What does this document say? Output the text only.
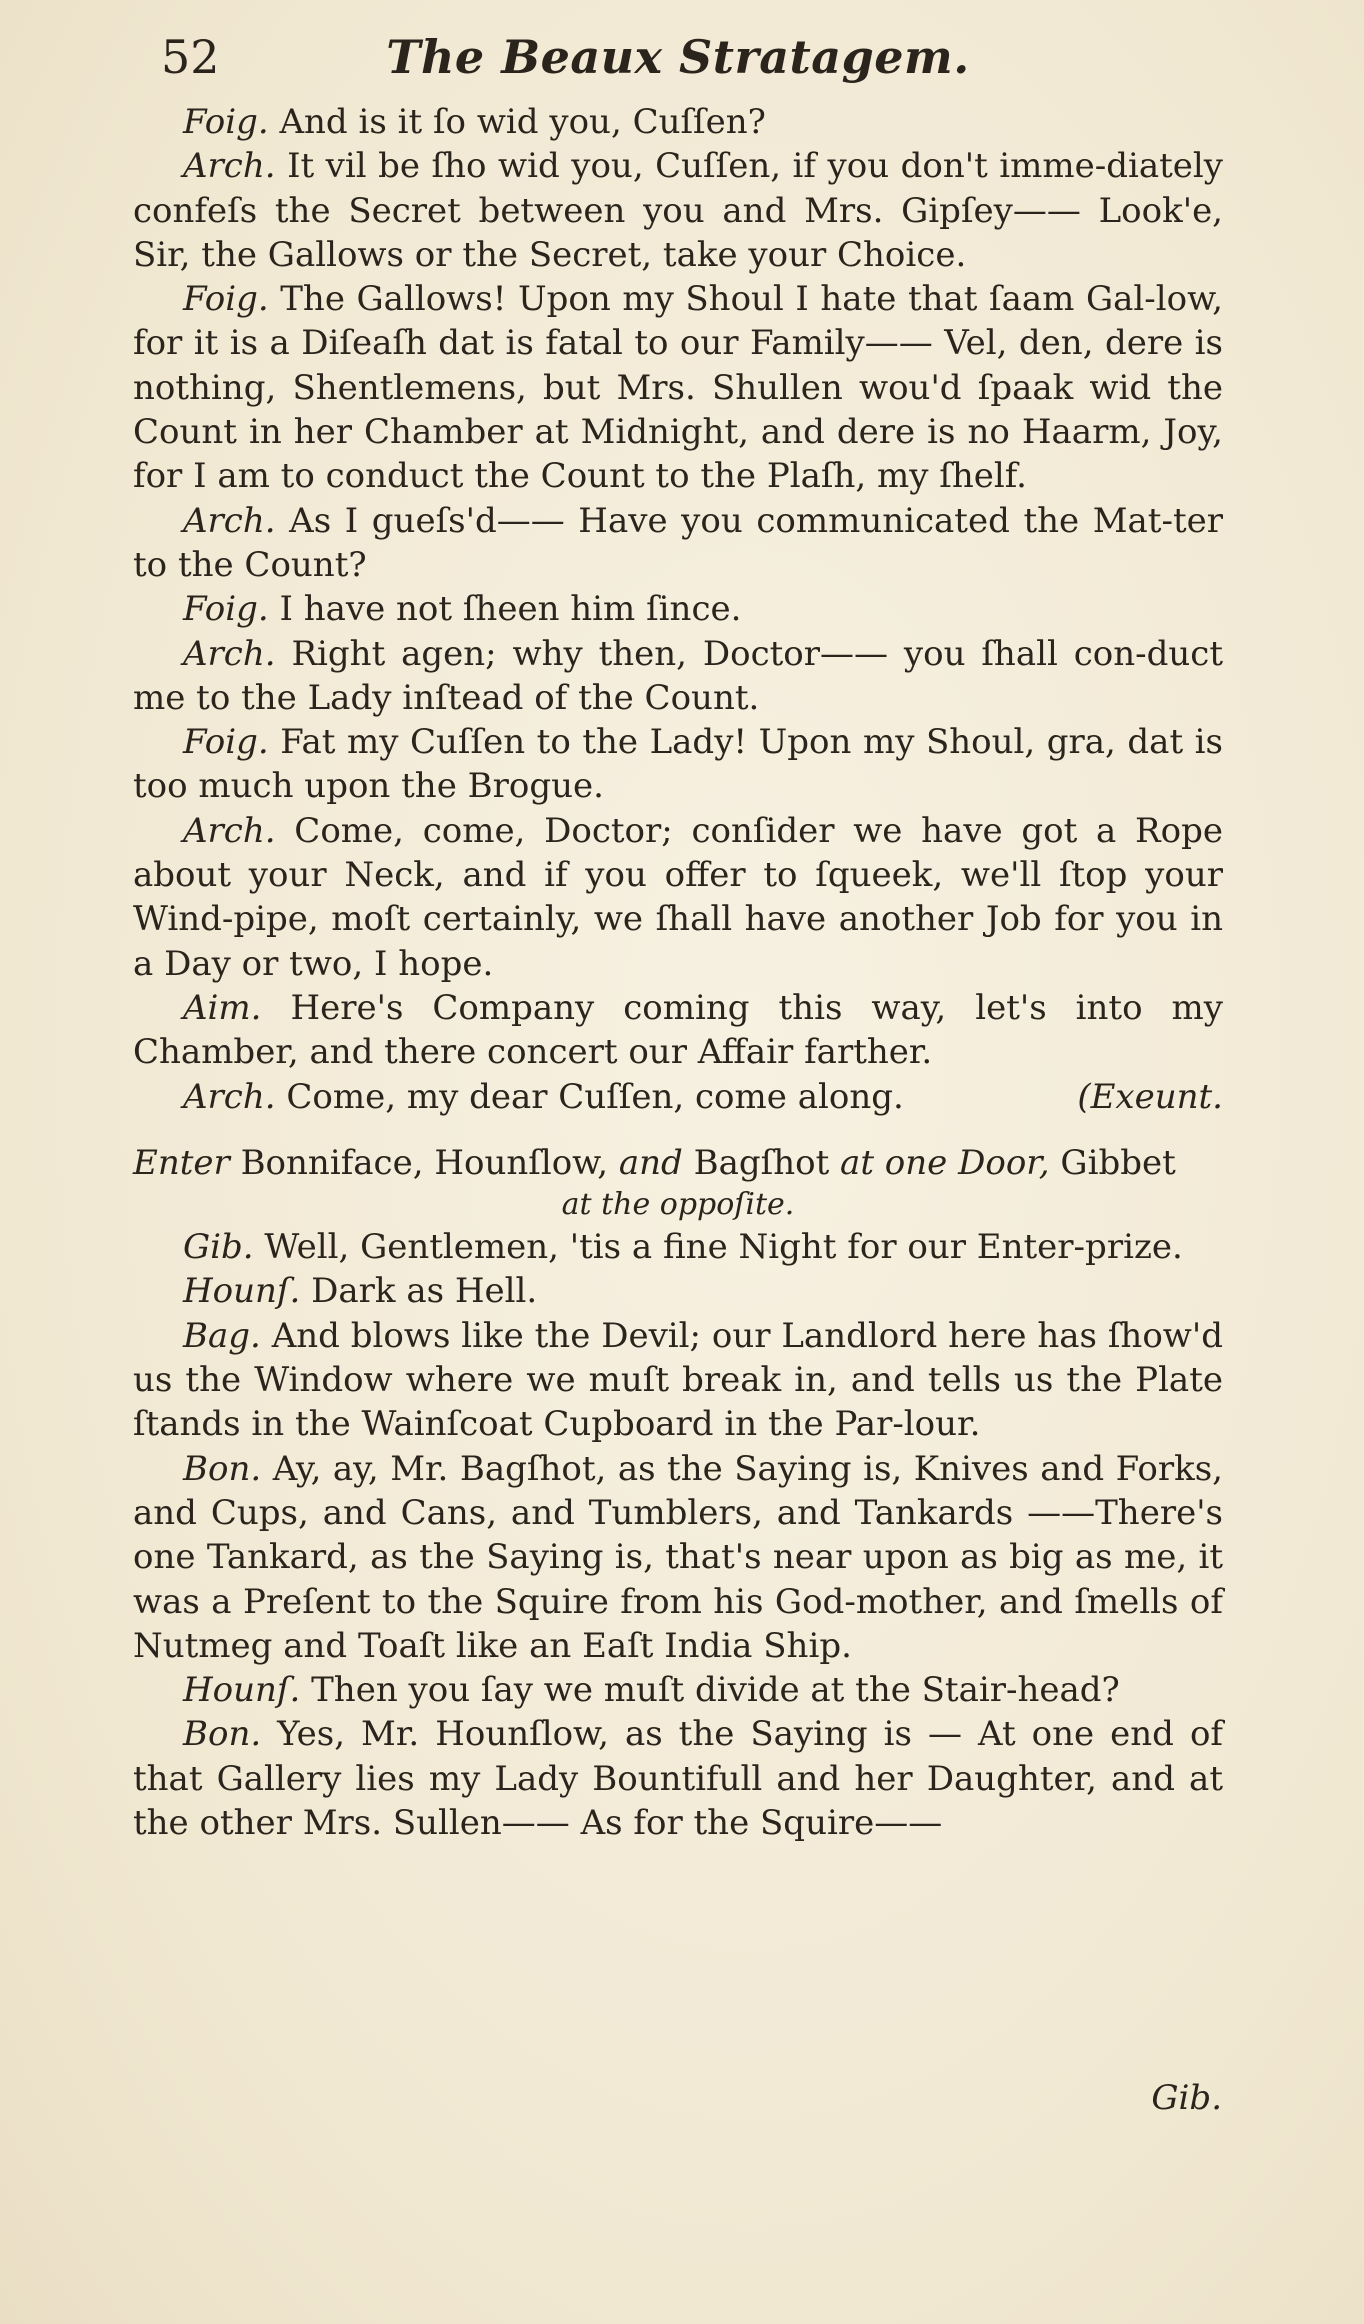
52	The Beaux Stratagem.

Foig. And is it ſo wid you, Cuſſen?

Arch. It vil be ſho wid you, Cuſſen, if you don't imme-diately confeſs the Secret between you and Mrs. Gipſey—— Look'e, Sir, the Gallows or the Secret, take your Choice.

Foig. The Gallows! Upon my Shoul I hate that ſaam Gal-low, for it is a Diſeaſh dat is fatal to our Family—— Vel, den, dere is nothing, Shentlemens, but Mrs. Shullen wou'd ſpaak wid the Count in her Chamber at Midnight, and dere is no Haarm, Joy, for I am to conduct the Count to the Plaſh, my ſhelf.

Arch. As I gueſs'd—— Have you communicated the Mat-ter to the Count?

Foig. I have not ſheen him ſince.

Arch. Right agen; why then, Doctor—— you ſhall con-duct me to the Lady inſtead of the Count.

Foig. Fat my Cuſſen to the Lady! Upon my Shoul, gra, dat is too much upon the Brogue.

Arch. Come, come, Doctor; conſider we have got a Rope about your Neck, and if you offer to ſqueek, we'll ſtop your Wind-pipe, moſt certainly, we ſhall have another Job for you in a Day or two, I hope.

Aim. Here's Company coming this way, let's into my Chamber, and there concert our Affair farther.

Arch. Come, my dear Cuſſen, come along.	(Exeunt.

Enter Bonniface, Hounſlow, and Bagſhot at one Door, Gibbet

at the oppoſite.

Gib. Well, Gentlemen, 'tis a fine Night for our Enter-prize.

Hounſ. Dark as Hell.

Bag. And blows like the Devil; our Landlord here has ſhow'd us the Window where we muſt break in, and tells us the Plate ſtands in the Wainſcoat Cupboard in the Par-lour.

Bon. Ay, ay, Mr. Bagſhot, as the Saying is, Knives and Forks, and Cups, and Cans, and Tumblers, and Tankards ——There's one Tankard, as the Saying is, that's near upon as big as me, it was a Preſent to the Squire from his God-mother, and ſmells of Nutmeg and Toaſt like an Eaſt India Ship.

Hounſ. Then you ſay we muſt divide at the Stair-head?

Bon. Yes, Mr. Hounſlow, as the Saying is — At one end of that Gallery lies my Lady Bountifull and her Daughter, and at the other Mrs. Sullen—— As for the Squire——

Gib.
